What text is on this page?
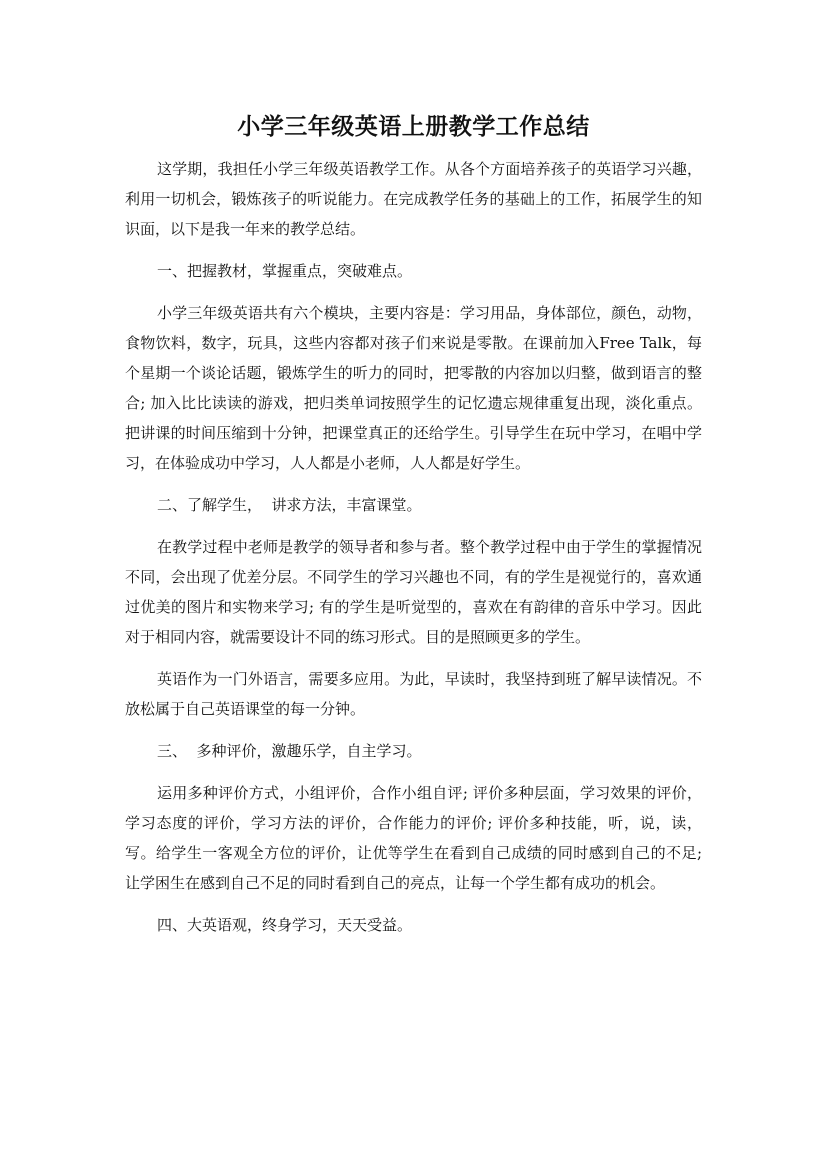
小学三年级英语上册教学工作总结

这学期，我担任小学三年级英语教学工作。从各个方面培养孩子的英语学习兴趣，利用一切机会，锻炼孩子的听说能力。在完成教学任务的基础上的工作，拓展学生的知识面，以下是我一年来的教学总结。

一、把握教材，掌握重点，突破难点。

小学三年级英语共有六个模块，主要内容是：学习用品，身体部位，颜色，动物，食物饮料，数字，玩具，这些内容都对孩子们来说是零散。在课前加入Free Talk，每个星期一个谈论话题，锻炼学生的听力的同时，把零散的内容加以归整，做到语言的整合; 加入比比读读的游戏，把归类单词按照学生的记忆遗忘规律重复出现，淡化重点。把讲课的时间压缩到十分钟，把课堂真正的还给学生。引导学生在玩中学习，在唱中学习，在体验成功中学习，人人都是小老师，人人都是好学生。

二、了解学生，  讲求方法，丰富课堂。

在教学过程中老师是教学的领导者和参与者。整个教学过程中由于学生的掌握情况不同，会出现了优差分层。不同学生的学习兴趣也不同，有的学生是视觉行的，喜欢通过优美的图片和实物来学习; 有的学生是听觉型的，喜欢在有韵律的音乐中学习。因此对于相同内容，就需要设计不同的练习形式。目的是照顾更多的学生。

英语作为一门外语言，需要多应用。为此，早读时，我坚持到班了解早读情况。不放松属于自己英语课堂的每一分钟。

三、  多种评价，激趣乐学，自主学习。

运用多种评价方式，小组评价，合作小组自评; 评价多种层面，学习效果的评价，学习态度的评价，学习方法的评价，合作能力的评价; 评价多种技能，听，说，读，写。给学生一客观全方位的评价，让优等学生在看到自己成绩的同时感到自己的不足; 让学困生在感到自己不足的同时看到自己的亮点，让每一个学生都有成功的机会。

四、大英语观，终身学习，天天受益。
